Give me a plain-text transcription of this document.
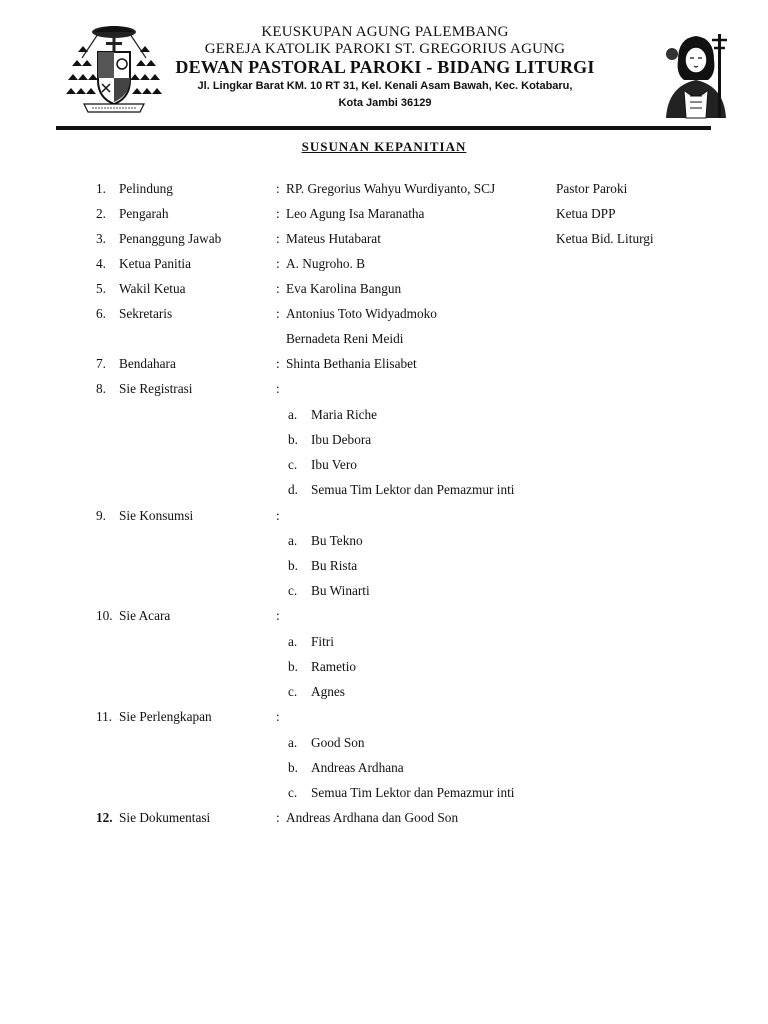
KEUSKUPAN AGUNG PALEMBANG
GEREJA KATOLIK PAROKI ST. GREGORIUS AGUNG
DEWAN PASTORAL PAROKI - BIDANG LITURGI
Jl. Lingkar Barat KM. 10 RT 31, Kel. Kenali Asam Bawah, Kec. Kotabaru,
Kota Jambi 36129
SUSUNAN KEPANITIAN
1. Pelindung	: RP. Gregorius Wahyu Wurdiyanto, SCJ	Pastor Paroki
2. Pengarah	: Leo Agung Isa Maranatha	Ketua DPP
3. Penanggung Jawab	: Mateus Hutabarat	Ketua Bid. Liturgi
4. Ketua Panitia	: A. Nugroho. B
5. Wakil Ketua	: Eva Karolina Bangun
6. Sekretaris	: Antonius Toto Widyadmoko
Bernadeta Reni Meidi
7. Bendahara	: Shinta Bethania Elisabet
8. Sie Registrasi	:
a. Maria Riche
b. Ibu Debora
c. Ibu Vero
d. Semua Tim Lektor dan Pemazmur inti
9. Sie Konsumsi	:
a. Bu Tekno
b. Bu Rista
c. Bu Winarti
10. Sie Acara	:
a. Fitri
b. Rametio
c. Agnes
11. Sie Perlengkapan	:
a. Good Son
b. Andreas Ardhana
c. Semua Tim Lektor dan Pemazmur inti
12. Sie Dokumentasi	: Andreas Ardhana dan Good Son
